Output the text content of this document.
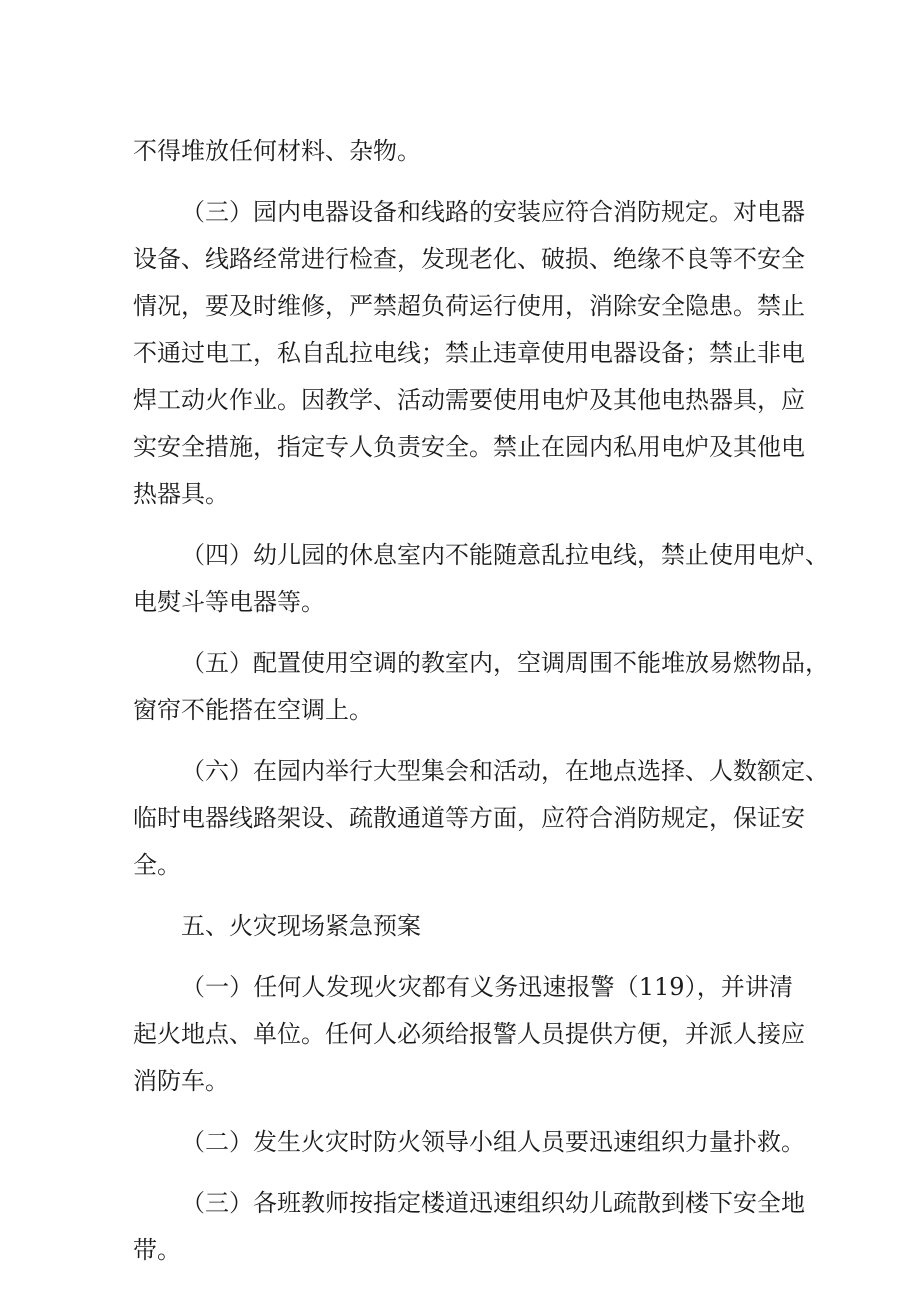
不得堆放任何材料、杂物。
（三）园内电器设备和线路的安装应符合消防规定。对电器
设备、线路经常进行检查，发现老化、破损、绝缘不良等不安全
情况，要及时维修，严禁超负荷运行使用，消除安全隐患。禁止
不通过电工，私自乱拉电线；禁止违章使用电器设备；禁止非电
焊工动火作业。因教学、活动需要使用电炉及其他电热器具，应
实安全措施，指定专人负责安全。禁止在园内私用电炉及其他电
热器具。
（四）幼儿园的休息室内不能随意乱拉电线，禁止使用电炉、
电熨斗等电器等。
（五）配置使用空调的教室内，空调周围不能堆放易燃物品，
窗帘不能搭在空调上。
（六）在园内举行大型集会和活动，在地点选择、人数额定、
临时电器线路架设、疏散通道等方面，应符合消防规定，保证安
全。
五、火灾现场紧急预案
（一）任何人发现火灾都有义务迅速报警（119），并讲清
起火地点、单位。任何人必须给报警人员提供方便，并派人接应
消防车。
（二）发生火灾时防火领导小组人员要迅速组织力量扑救。
（三）各班教师按指定楼道迅速组织幼儿疏散到楼下安全地
带。
